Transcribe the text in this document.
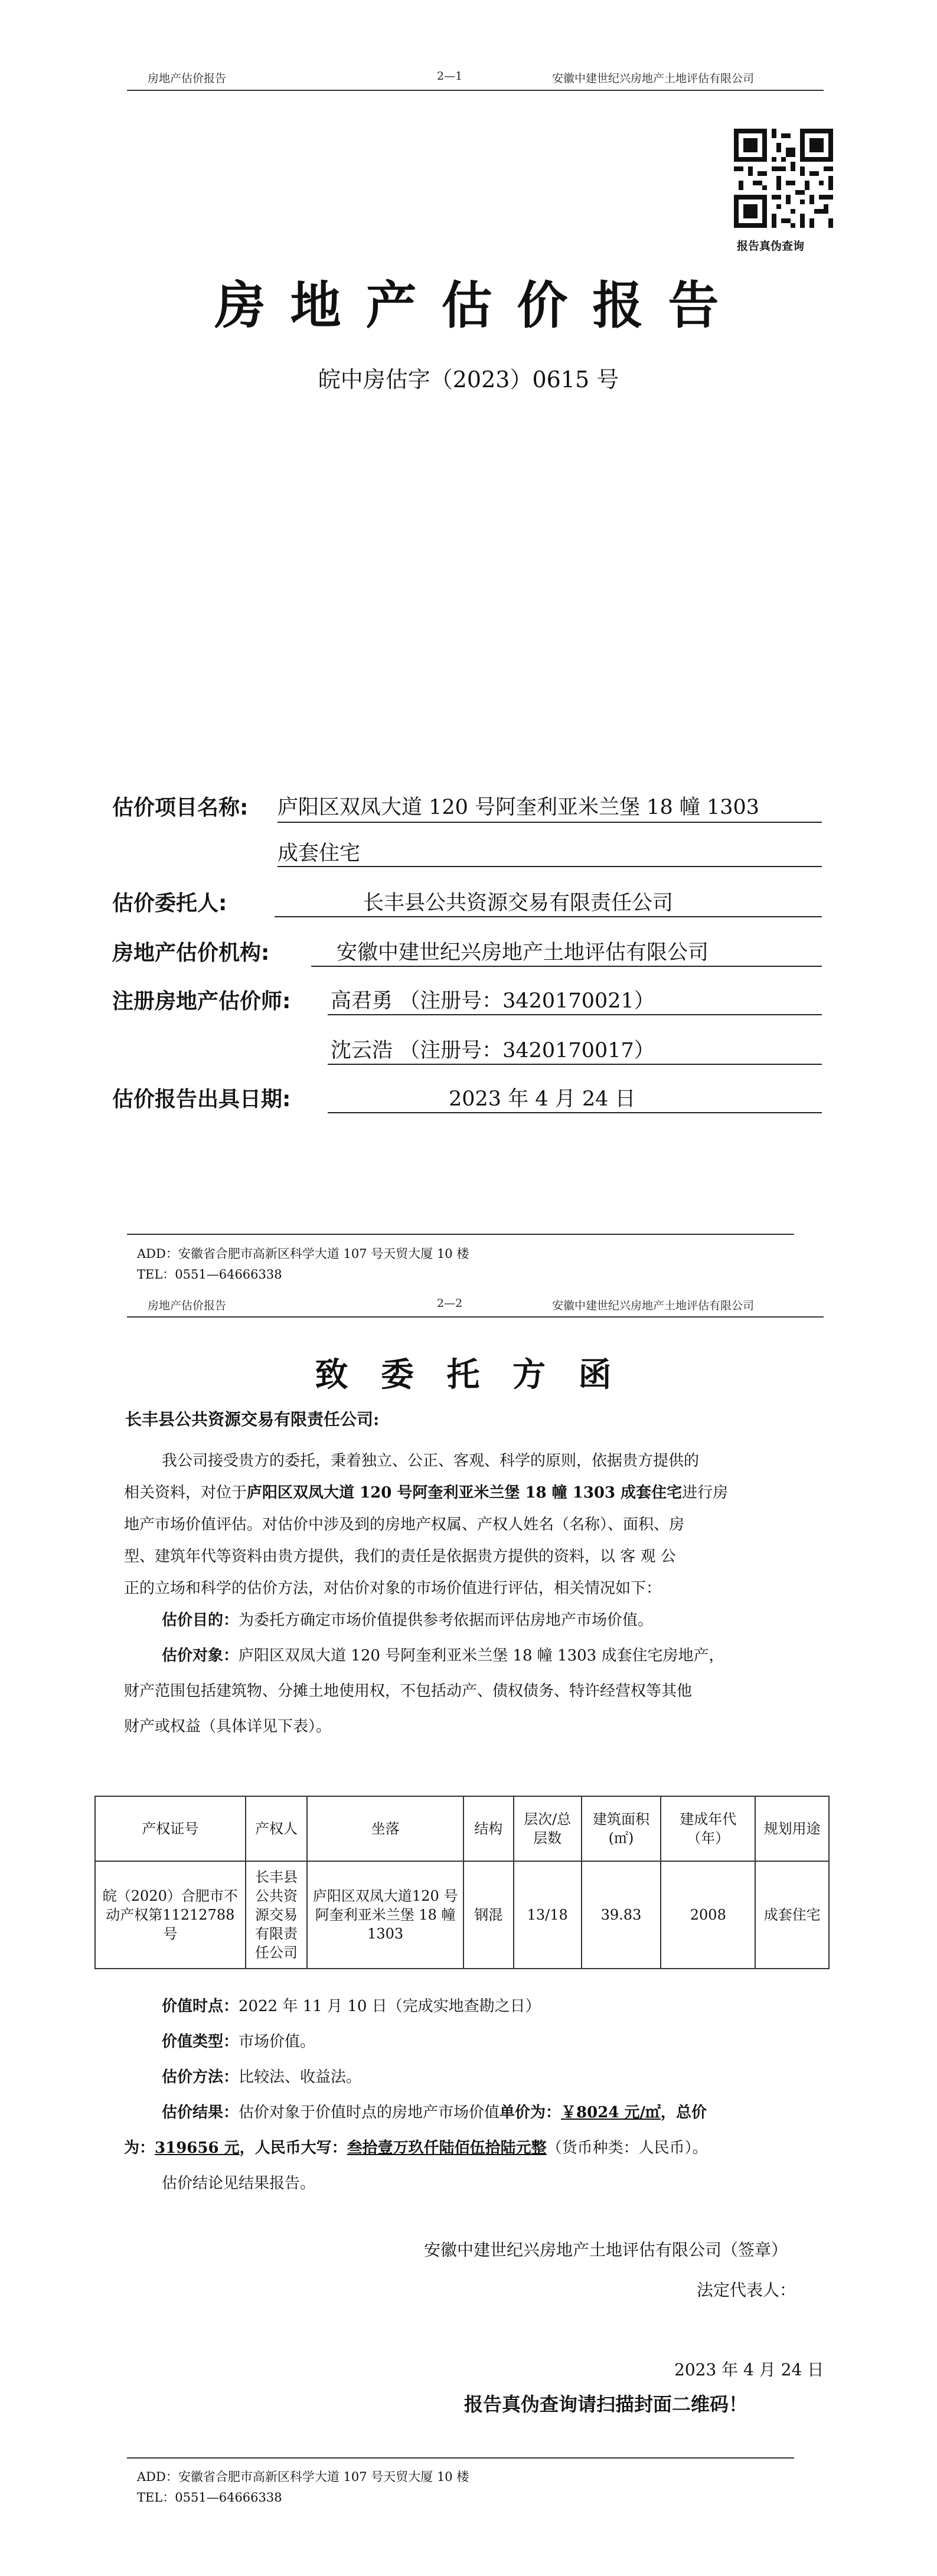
房地产估价报告	2—1	安徽中建世纪兴房地产土地评估有限公司
报告真伪查询
房 地 产 估 价 报 告
皖中房估字（2023）0615 号
估价项目名称: 庐阳区双凤大道 120 号阿奎利亚米兰堡 18 幢 1303
成套住宅
估价委托人:	长丰县公共资源交易有限责任公司
房地产估价机构:	安徽中建世纪兴房地产土地评估有限公司
注册房地产估价师: 高君勇 （注册号：3420170021）
沈云浩 （注册号：3420170017）
估价报告出具日期:	2023 年 4 月 24 日
ADD：安徽省合肥市高新区科学大道 107 号天贸大厦 10 楼
TEL：0551—64666338
房地产估价报告	2—2	安徽中建世纪兴房地产土地评估有限公司
致 委 托 方 函
长丰县公共资源交易有限责任公司:
我公司接受贵方的委托，秉着独立、公正、客观、科学的原则，依据贵方提供的
相关资料，对位于庐阳区双凤大道 120 号阿奎利亚米兰堡 18 幢 1303 成套住宅进行房
地产市场价值评估。对估价中涉及到的房地产权属、产权人姓名（名称）、面积、房
型、建筑年代等资料由贵方提供，我们的责任是依据贵方提供的资料，以 客 观 公
正的立场和科学的估价方法，对估价对象的市场价值进行评估，相关情况如下：
估价目的：为委托方确定市场价值提供参考依据而评估房地产市场价值。
估价对象：庐阳区双凤大道 120 号阿奎利亚米兰堡 18 幢 1303 成套住宅房地产，
财产范围包括建筑物、分摊土地使用权，不包括动产、债权债务、特许经营权等其他
财产或权益（具体详见下表）。
产权证号	产权人	坐落	结构	层次/总层数	建筑面积(㎡)	建成年代（年）	规划用途
皖（2020）合肥市不动产权第11212788 号	长丰县公共资源交易有限责任公司	庐阳区双凤大道120 号阿奎利亚米兰堡 18 幢 1303	钢混	13/18	39.83	2008	成套住宅
价值时点：2022 年 11 月 10 日（完成实地查勘之日）
价值类型：市场价值。
估价方法：比较法、收益法。
估价结果：估价对象于价值时点的房地产市场价值单价为：￥8024 元/㎡，总价
为：319656 元，人民币大写：叁拾壹万玖仟陆佰伍拾陆元整（货币种类：人民币）。
估价结论见结果报告。
安徽中建世纪兴房地产土地评估有限公司（签章）
法定代表人：
2023 年 4 月 24 日
报告真伪查询请扫描封面二维码！
ADD：安徽省合肥市高新区科学大道 107 号天贸大厦 10 楼
TEL：0551—64666338
